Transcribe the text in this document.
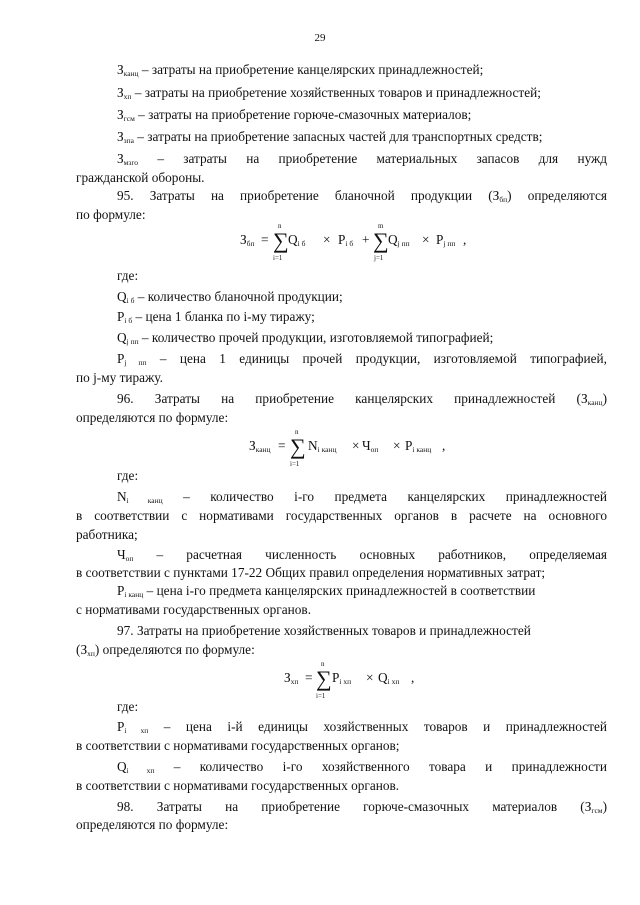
29
$З_{канц}$ – затраты на приобретение канцелярских принадлежностей;
$З_{хп}$ – затраты на приобретение хозяйственных товаров и принадлежностей;
$З_{гсм}$ – затраты на приобретение горюче-смазочных материалов;
$З_{зпа}$ – затраты на приобретение запасных частей для транспортных средств;
$З_{мзго}$ – затраты на приобретение материальных запасов для нужд
гражданской обороны.
95. Затраты на приобретение бланочной продукции $(З_{бп})$ определяются
по формуле:
$З_{бп}$ = ∑
n
i=1
$Q_{i б} \times P_{i б}$ + ∑
m
j=1
$Q_{j пп} \times P_{j пп}$ ,
где:
$Q_{i б}$ – количество бланочной продукции;
$P_{i б}$ – цена 1 бланка по i-му тиражу;
$Q_{j пп}$ – количество прочей продукции, изготовляемой типографией;
$P_{j пп}$ – цена 1 единицы прочей продукции, изготовляемой типографией,
по j-му тиражу.
96. Затраты на приобретение канцелярских принадлежностей $(З_{канц})$
определяются по формуле:
$З_{канц}$ = ∑
n
i=1
$N_{i канц} \times Ч_{оп} \times P_{i канц}$ ,
где:
$N_{i канц}$ – количество i-го предмета канцелярских принадлежностей
в соответствии с нормативами государственных органов в расчете на основного
работника;
$Ч_{оп}$ – расчетная численность основных работников, определяемая
в соответствии с пунктами 17-22 Общих правил определения нормативных затрат;
$P_{i канц}$ – цена i-го предмета канцелярских принадлежностей в соответствии
с нормативами государственных органов.
97. Затраты на приобретение хозяйственных товаров и принадлежностей
$(З_{хп})$ определяются по формуле:
$З_{хп}$ = ∑
n
i=1
$P_{i хп} \times Q_{i хп}$ ,
где:
$P_{i хп}$ – цена i-й единицы хозяйственных товаров и принадлежностей
в соответствии с нормативами государственных органов;
$Q_{i хп}$ – количество i-го хозяйственного товара и принадлежности
в соответствии с нормативами государственных органов.
98. Затраты на приобретение горюче-смазочных материалов $(З_{гсм})$
определяются по формуле:
